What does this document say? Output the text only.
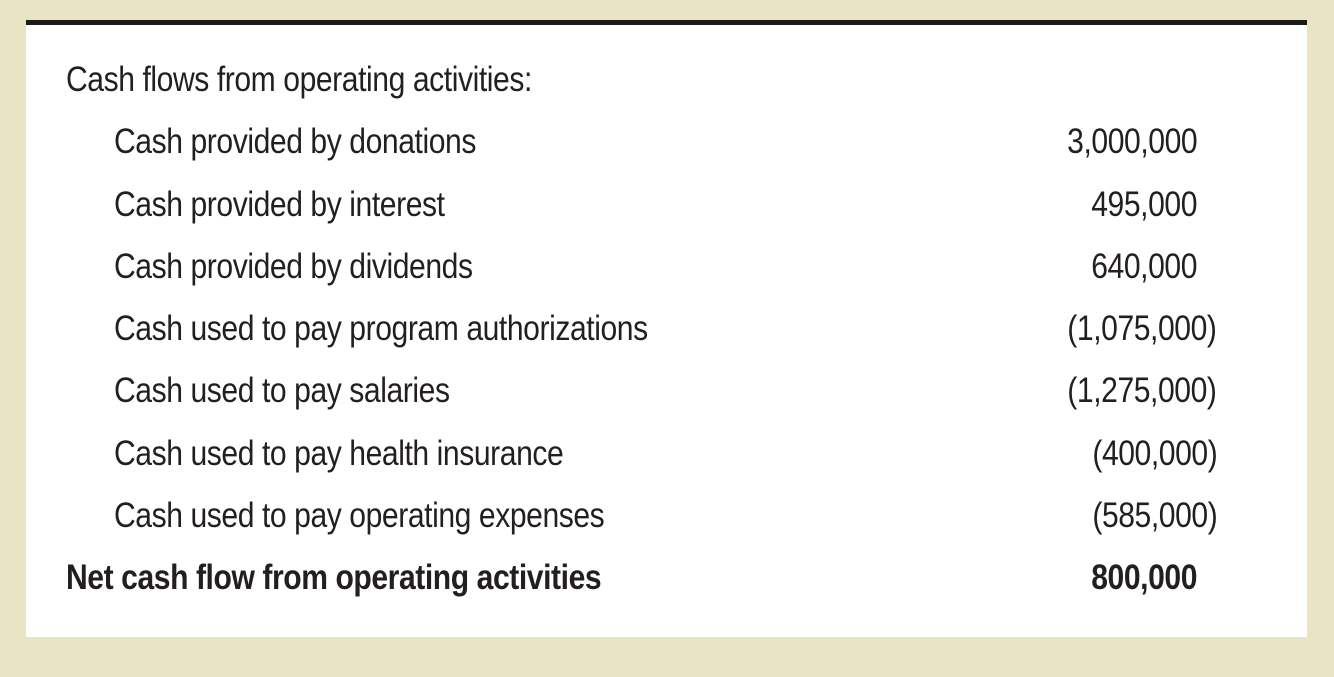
Cash flows from operating activities:
Cash provided by donations	3,000,000
Cash provided by interest	495,000
Cash provided by dividends	640,000
Cash used to pay program authorizations	(1,075,000)
Cash used to pay salaries	(1,275,000)
Cash used to pay health insurance	(400,000)
Cash used to pay operating expenses	(585,000)
Net cash flow from operating activities	800,000
